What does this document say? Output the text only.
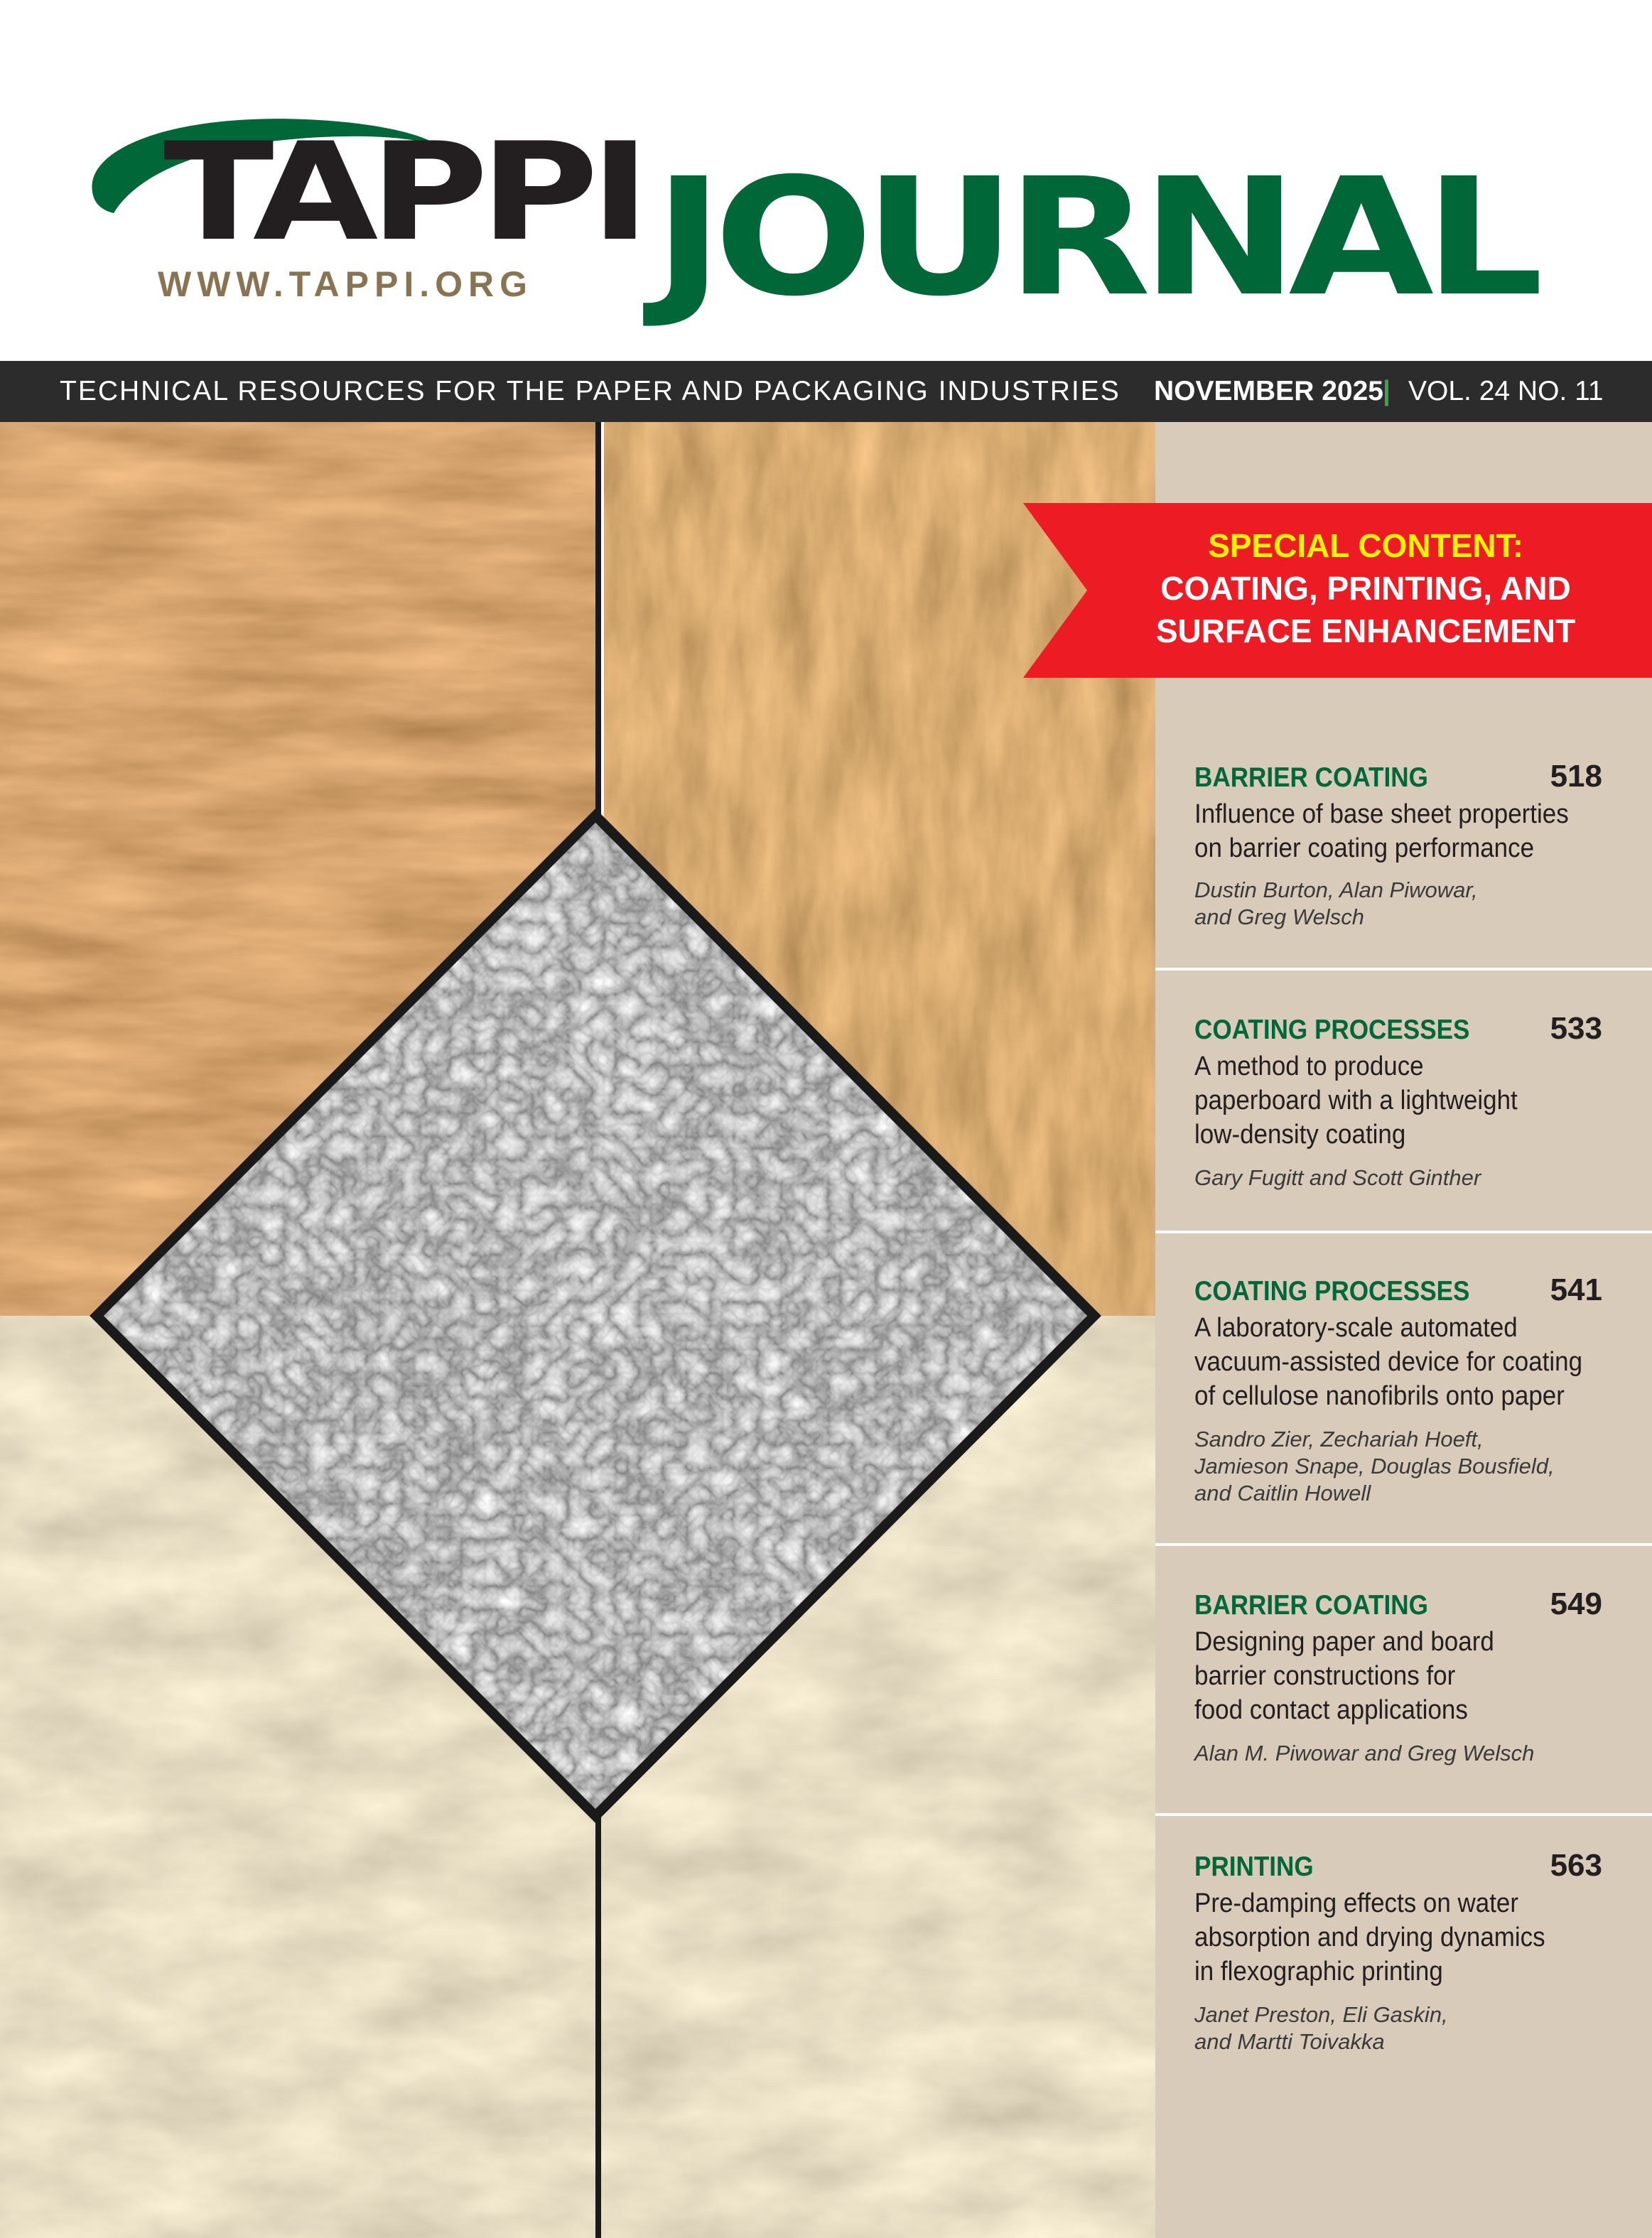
TAPPI JOURNAL
WWW.TAPPI.ORG
TECHNICAL RESOURCES FOR THE PAPER AND PACKAGING INDUSTRIES NOVEMBER 2025 | VOL. 24 NO. 11
SPECIAL CONTENT:
COATING, PRINTING, AND
SURFACE ENHANCEMENT
BARRIER COATING	518
Influence of base sheet properties
on barrier coating performance
Dustin Burton, Alan Piwowar,
and Greg Welsch
COATING PROCESSES	533
A method to produce
paperboard with a lightweight
low-density coating
Gary Fugitt and Scott Ginther
COATING PROCESSES	541
A laboratory-scale automated
vacuum-assisted device for coating
of cellulose nanofibrils onto paper
Sandro Zier, Zechariah Hoeft,
Jamieson Snape, Douglas Bousfield,
and Caitlin Howell
BARRIER COATING	549
Designing paper and board
barrier constructions for
food contact applications
Alan M. Piwowar and Greg Welsch
PRINTING	563
Pre-damping effects on water
absorption and drying dynamics
in flexographic printing
Janet Preston, Eli Gaskin,
and Martti Toivakka
